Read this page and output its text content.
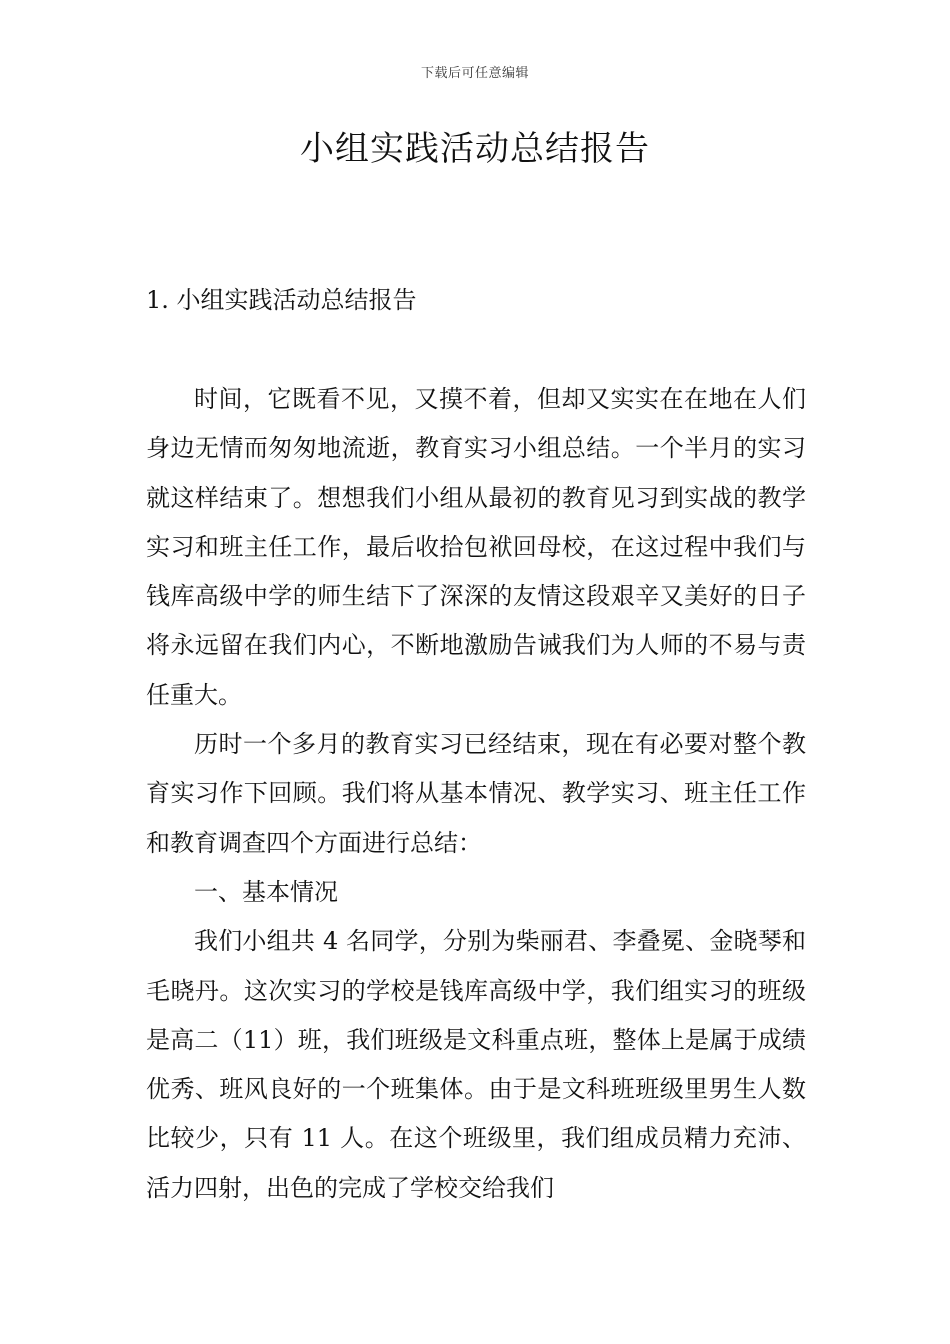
下载后可任意编辑
小组实践活动总结报告
1. 小组实践活动总结报告

时间，它既看不见，又摸不着，但却又实实在在地在人们身边无情而匆匆地流逝，教育实习小组总结。一个半月的实习就这样结束了。想想我们小组从最初的教育见习到实战的教学实习和班主任工作，最后收拾包袱回母校，在这过程中我们与钱库高级中学的师生结下了深深的友情这段艰辛又美好的日子将永远留在我们内心，不断地激励告诫我们为人师的不易与责任重大。

历时一个多月的教育实习已经结束，现在有必要对整个教育实习作下回顾。我们将从基本情况、教学实习、班主任工作和教育调查四个方面进行总结：

一、基本情况

我们小组共 4 名同学，分别为柴丽君、李叠冕、金晓琴和毛晓丹。这次实习的学校是钱库高级中学，我们组实习的班级是高二（11）班，我们班级是文科重点班，整体上是属于成绩优秀、班风良好的一个班集体。由于是文科班班级里男生人数比较少，只有 11 人。在这个班级里，我们组成员精力充沛、活力四射，出色的完成了学校交给我们
